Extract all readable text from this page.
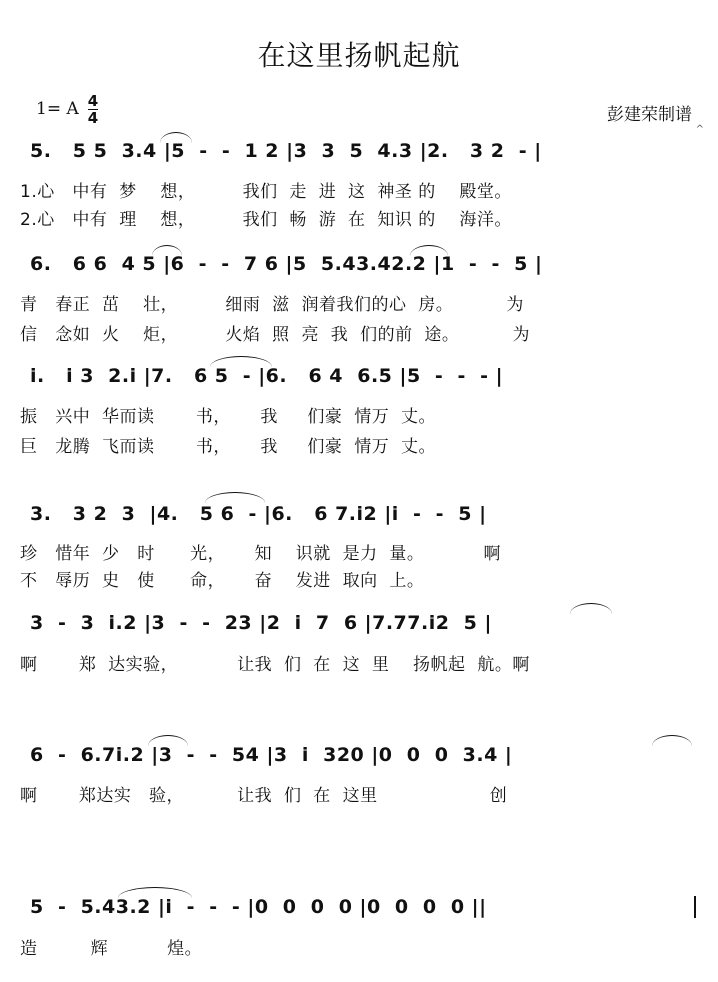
在这里扬帆起航
1= A 4
4	彭建荣制谱
^
5.   5 5  3.4 |5  -  -  1 2 |3  3  5  4.3 |2.   3 2  - |
1.心   中有  梦    想，        我们  走  进  这  神圣 的    殿堂。
2.心   中有  理    想，        我们  畅  游  在  知识 的    海洋。
6.   6 6  4 5 |6  -  -  7 6 |5  5.43.42.2 |1  -  -  5 |
青   春正  茁    壮，        细雨  滋  润着我们的心  房。         为
信   念如  火    炬，        火焰  照  亮  我  们的前  途。         为
i.   i 3  2.i |7.   6 5  - |6.   6 4  6.5 |5  -  -  - |
振   兴中  华而读       书，     我     们豪  情万  丈。
巨   龙腾  飞而读       书，     我     们豪  情万  丈。
3.   3 2  3  |4.   5 6  - |6.   6 7.i2 |i  -  -  5 |
珍   惜年  少   时      光，     知    识就  是力  量。          啊
不   辱历  史   使      命，     奋    发进  取向  上。
3  -  3  i.2 |3  -  -  23 |2  i  7  6 |7.77.i2  5 |
啊       郑  达实验，          让我  们  在  这  里    扬帆起  航。啊
6  -  6.7i.2 |3  -  -  54 |3  i  320 |0  0  0  3.4 |
啊       郑达实   验，         让我  们  在  这里                   创
5  -  5.43.2 |i  -  -  - |0  0  0  0 |0  0  0  0 ||
造         辉          煌。
